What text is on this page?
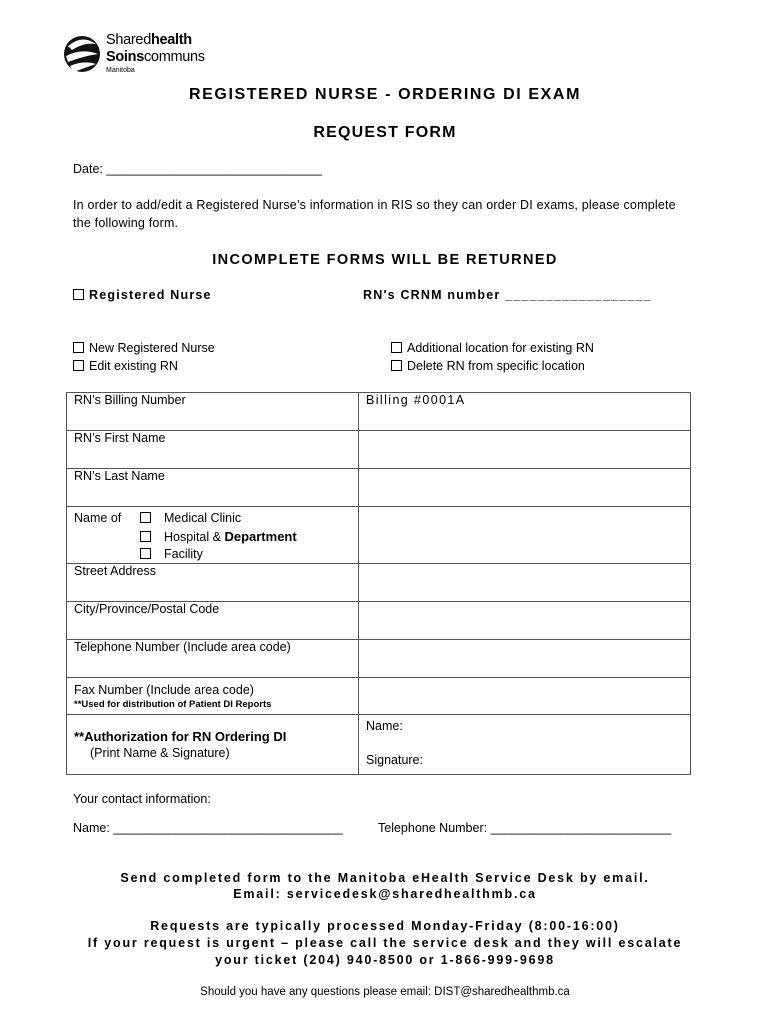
Sharedhealth
Soinscommuns
Manitoba
REGISTERED NURSE - ORDERING DI EXAM
REQUEST FORM
Date: _______________________________
In order to add/edit a Registered Nurse’s information in RIS so they can order DI exams, please complete the following form.
INCOMPLETE FORMS WILL BE RETURNED
Registered Nurse	RN's CRNM number __________________
New Registered Nurse
Edit existing RN
Additional location for existing RN
Delete RN from specific location
RN’s Billing Number	Billing #0001A

RN’s First Name	

RN’s Last Name	

Name of Medical Clinic
Hospital & Department
Facility	

Street Address	

City/Province/Postal Code	

Telephone Number (Include area code)	

Fax Number (Include area code)
**Used for distribution of Patient DI Reports	

**Authorization for RN Ordering DI
(Print Name & Signature)	Name:
Signature:
Your contact information:
Name: _________________________________	Telephone Number: __________________________
Send completed form to the Manitoba eHealth Service Desk by email.
Email: servicedesk@sharedhealthmb.ca
Requests are typically processed Monday-Friday (8:00-16:00)
If your request is urgent – please call the service desk and they will escalate
your ticket (204) 940-8500 or 1-866-999-9698
Should you have any questions please email: DIST@sharedhealthmb.ca
